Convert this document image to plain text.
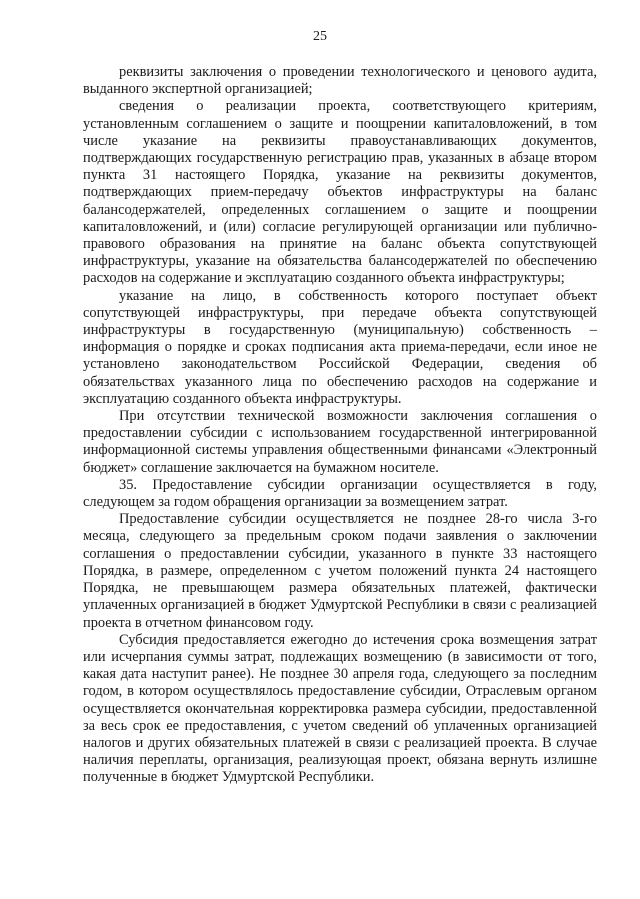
25

реквизиты заключения о проведении технологического и ценового аудита, выданного экспертной организацией;

сведения о реализации проекта, соответствующего критериям, установленным соглашением о защите и поощрении капиталовложений, в том числе указание на реквизиты правоустанавливающих документов, подтверждающих государственную регистрацию прав, указанных в абзаце втором пункта 31 настоящего Порядка, указание на реквизиты документов, подтверждающих прием-передачу объектов инфраструктуры на баланс балансодержателей, определенных соглашением о защите и поощрении капиталовложений, и (или) согласие регулирующей организации или публично-правового образования на принятие на баланс объекта сопутствующей инфраструктуры, указание на обязательства балансодержателей по обеспечению расходов на содержание и эксплуатацию созданного объекта инфраструктуры;

указание на лицо, в собственность которого поступает объект сопутствующей инфраструктуры, при передаче объекта сопутствующей инфраструктуры в государственную (муниципальную) собственность – информация о порядке и сроках подписания акта приема-передачи, если иное не установлено законодательством Российской Федерации, сведения об обязательствах указанного лица по обеспечению расходов на содержание и эксплуатацию созданного объекта инфраструктуры.

При отсутствии технической возможности заключения соглашения о предоставлении субсидии с использованием государственной интегрированной информационной системы управления общественными финансами «Электронный бюджет» соглашение заключается на бумажном носителе.

35. Предоставление субсидии организации осуществляется в году, следующем за годом обращения организации за возмещением затрат.

Предоставление субсидии осуществляется не позднее 28-го числа 3-го месяца, следующего за предельным сроком подачи заявления о заключении соглашения о предоставлении субсидии, указанного в пункте 33 настоящего Порядка, в размере, определенном с учетом положений пункта 24 настоящего Порядка, не превышающем размера обязательных платежей, фактически уплаченных организацией в бюджет Удмуртской Республики в связи с реализацией проекта в отчетном финансовом году.

Субсидия предоставляется ежегодно до истечения срока возмещения затрат или исчерпания суммы затрат, подлежащих возмещению (в зависимости от того, какая дата наступит ранее). Не позднее 30 апреля года, следующего за последним годом, в котором осуществлялось предоставление субсидии, Отраслевым органом осуществляется окончательная корректировка размера субсидии, предоставленной за весь срок ее предоставления, с учетом сведений об уплаченных организацией налогов и других обязательных платежей в связи с реализацией проекта. В случае наличия переплаты, организация, реализующая проект, обязана вернуть излишне полученные в бюджет Удмуртской Республики.
